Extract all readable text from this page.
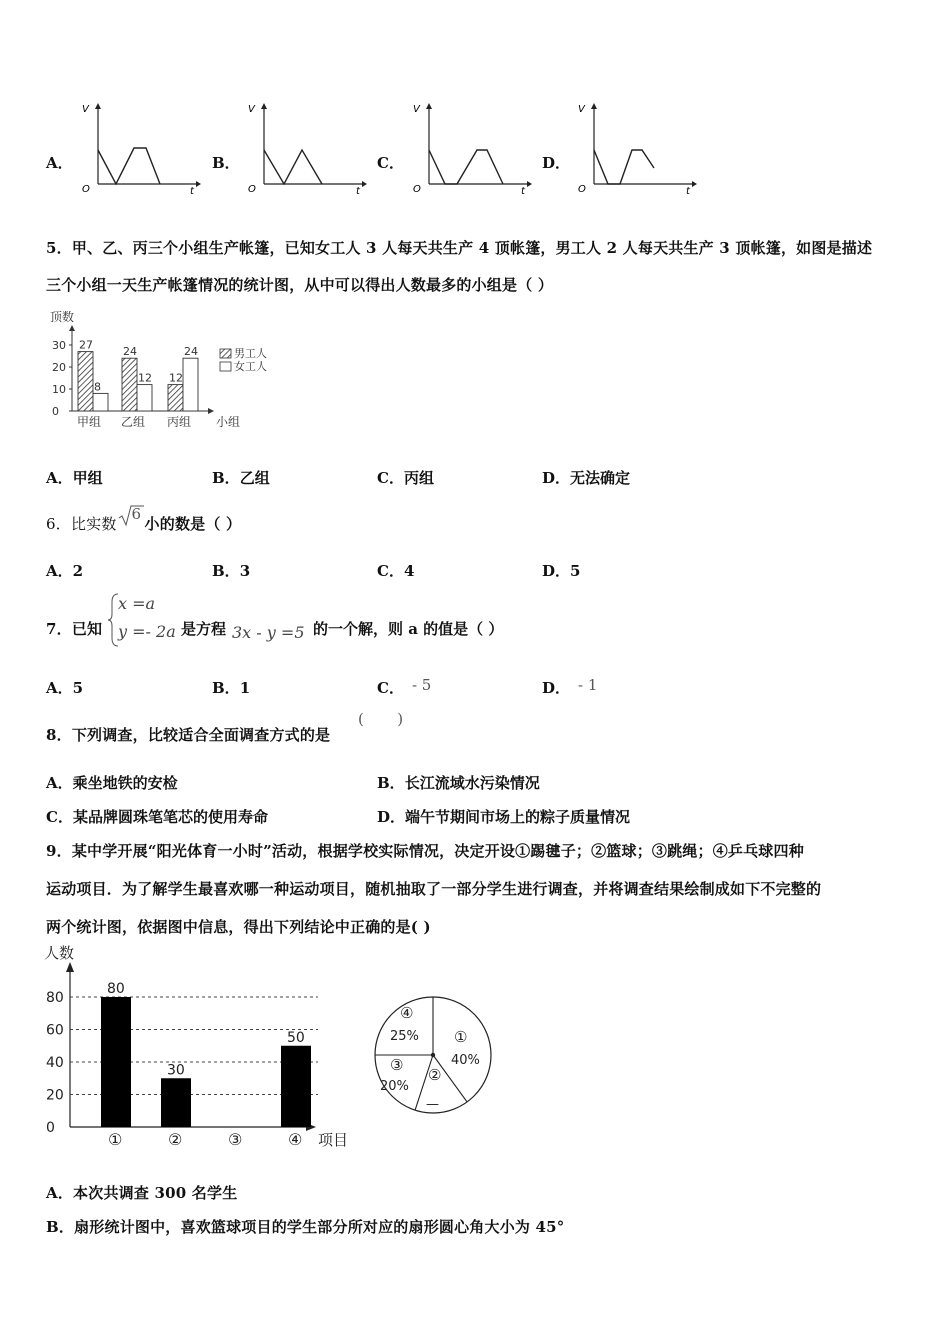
A．	B．	C．	D．
V
t
O
V
t
O
V
t
O
V
t
O
5．甲、乙、丙三个小组生产帐篷，已知女工人 3 人每天共生产 4 顶帐篷，男工人 2 人每天共生产 3 顶帐篷，如图是描述
三个小组一天生产帐篷情况的统计图，从中可以得出人数最多的小组是（ ）
顶数
0
10
20
30 27
8
甲组
24
12
乙组
12
24
丙组
男工人
女工人
小组
A．甲组	B．乙组	C．丙组	D．无法确定
6．比实数
6
小的数是（ ）
A．2	B．3	C．4	D．5
7．已知
x =a
y =- 2a 是方程 3x - y =5 的一个解，则 a 的值是（ ）
A．5	B．1	C． - 5	D． - 1
8．下列调查，比较适合全面调查方式的是
(       )
A．乘坐地铁的安检	B．长江流域水污染情况
C．某品牌圆珠笔笔芯的使用寿命	D．端午节期间市场上的粽子质量情况
9．某中学开展“阳光体育一小时”活动，根据学校实际情况，决定开设①踢毽子；②篮球；③跳绳；④乒乓球四种
运动项目．为了解学生最喜欢哪一种运动项目，随机抽取了一部分学生进行调查，并将调查结果绘制成如下不完整的
两个统计图，依据图中信息，得出下列结论中正确的是( )
人数
0
20
40
60
80
80
①
30
②	③
50
④ 项目
①
40%
④
25%
③
20%
②
—
A．本次共调查 300 名学生
B．扇形统计图中，喜欢篮球项目的学生部分所对应的扇形圆心角大小为 45°
